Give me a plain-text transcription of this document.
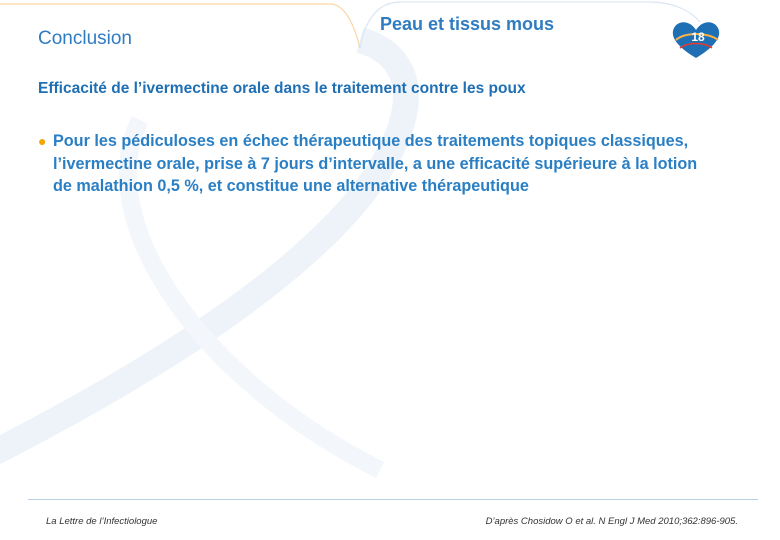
Conclusion
Peau et tissus mous
18
Efficacité de l’ivermectine orale dans le traitement contre les poux
● Pour les pédiculoses en échec thérapeutique des traitements topiques classiques, l’ivermectine orale, prise à 7 jours d’intervalle, a une efficacité supérieure à la lotion de malathion 0,5 %, et constitue une alternative thérapeutique
La Lettre de l’Infectiologue	D’après Chosidow O et al. N Engl J Med 2010;362:896-905.
